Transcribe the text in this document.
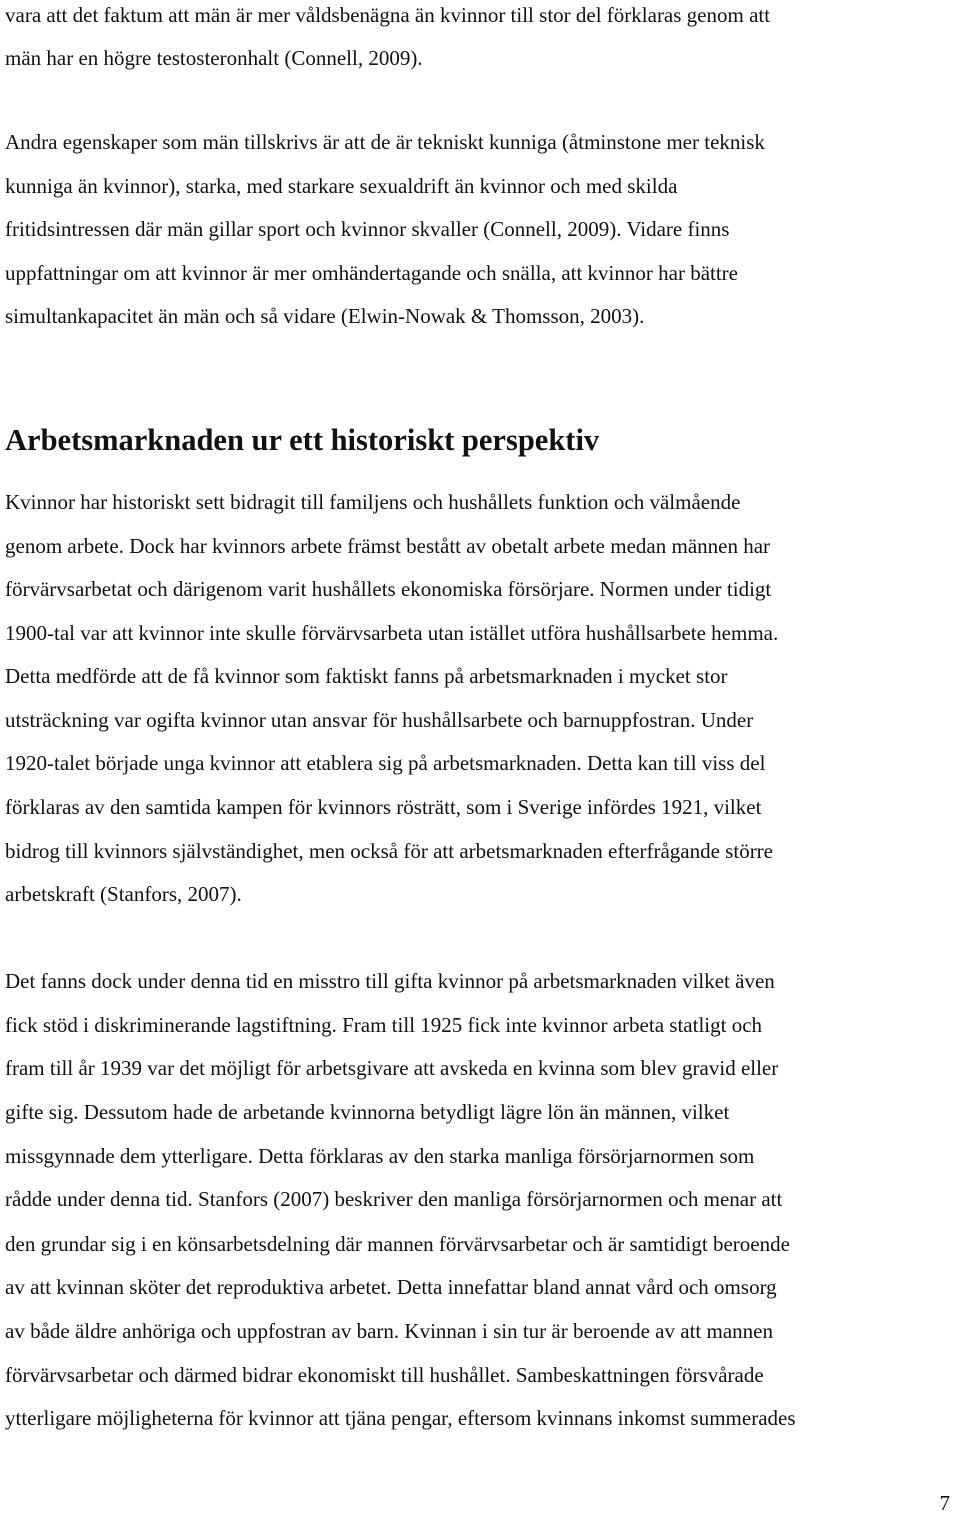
vara att det faktum att män är mer våldsbenägna än kvinnor till stor del förklaras genom att
män har en högre testosteronhalt (Connell, 2009).
Andra egenskaper som män tillskrivs är att de är tekniskt kunniga (åtminstone mer teknisk
kunniga än kvinnor), starka, med starkare sexualdrift än kvinnor och med skilda
fritidsintressen där män gillar sport och kvinnor skvaller (Connell, 2009). Vidare finns
uppfattningar om att kvinnor är mer omhändertagande och snälla, att kvinnor har bättre
simultankapacitet än män och så vidare (Elwin-Nowak & Thomsson, 2003).
Arbetsmarknaden ur ett historiskt perspektiv
Kvinnor har historiskt sett bidragit till familjens och hushållets funktion och välmående
genom arbete. Dock har kvinnors arbete främst bestått av obetalt arbete medan männen har
förvärvsarbetat och därigenom varit hushållets ekonomiska försörjare. Normen under tidigt
1900-tal var att kvinnor inte skulle förvärvsarbeta utan istället utföra hushållsarbete hemma.
Detta medförde att de få kvinnor som faktiskt fanns på arbetsmarknaden i mycket stor
utsträckning var ogifta kvinnor utan ansvar för hushållsarbete och barnuppfostran. Under
1920-talet började unga kvinnor att etablera sig på arbetsmarknaden. Detta kan till viss del
förklaras av den samtida kampen för kvinnors rösträtt, som i Sverige infördes 1921, vilket
bidrog till kvinnors självständighet, men också för att arbetsmarknaden efterfrågande större
arbetskraft (Stanfors, 2007).
Det fanns dock under denna tid en misstro till gifta kvinnor på arbetsmarknaden vilket även
fick stöd i diskriminerande lagstiftning. Fram till 1925 fick inte kvinnor arbeta statligt och
fram till år 1939 var det möjligt för arbetsgivare att avskeda en kvinna som blev gravid eller
gifte sig. Dessutom hade de arbetande kvinnorna betydligt lägre lön än männen, vilket
missgynnade dem ytterligare. Detta förklaras av den starka manliga försörjarnormen som
rådde under denna tid. Stanfors (2007) beskriver den manliga försörjarnormen och menar att
den grundar sig i en könsarbetsdelning där mannen förvärvsarbetar och är samtidigt beroende
av att kvinnan sköter det reproduktiva arbetet. Detta innefattar bland annat vård och omsorg
av både äldre anhöriga och uppfostran av barn. Kvinnan i sin tur är beroende av att mannen
förvärvsarbetar och därmed bidrar ekonomiskt till hushållet. Sambeskattningen försvårade
ytterligare möjligheterna för kvinnor att tjäna pengar, eftersom kvinnans inkomst summerades
7
